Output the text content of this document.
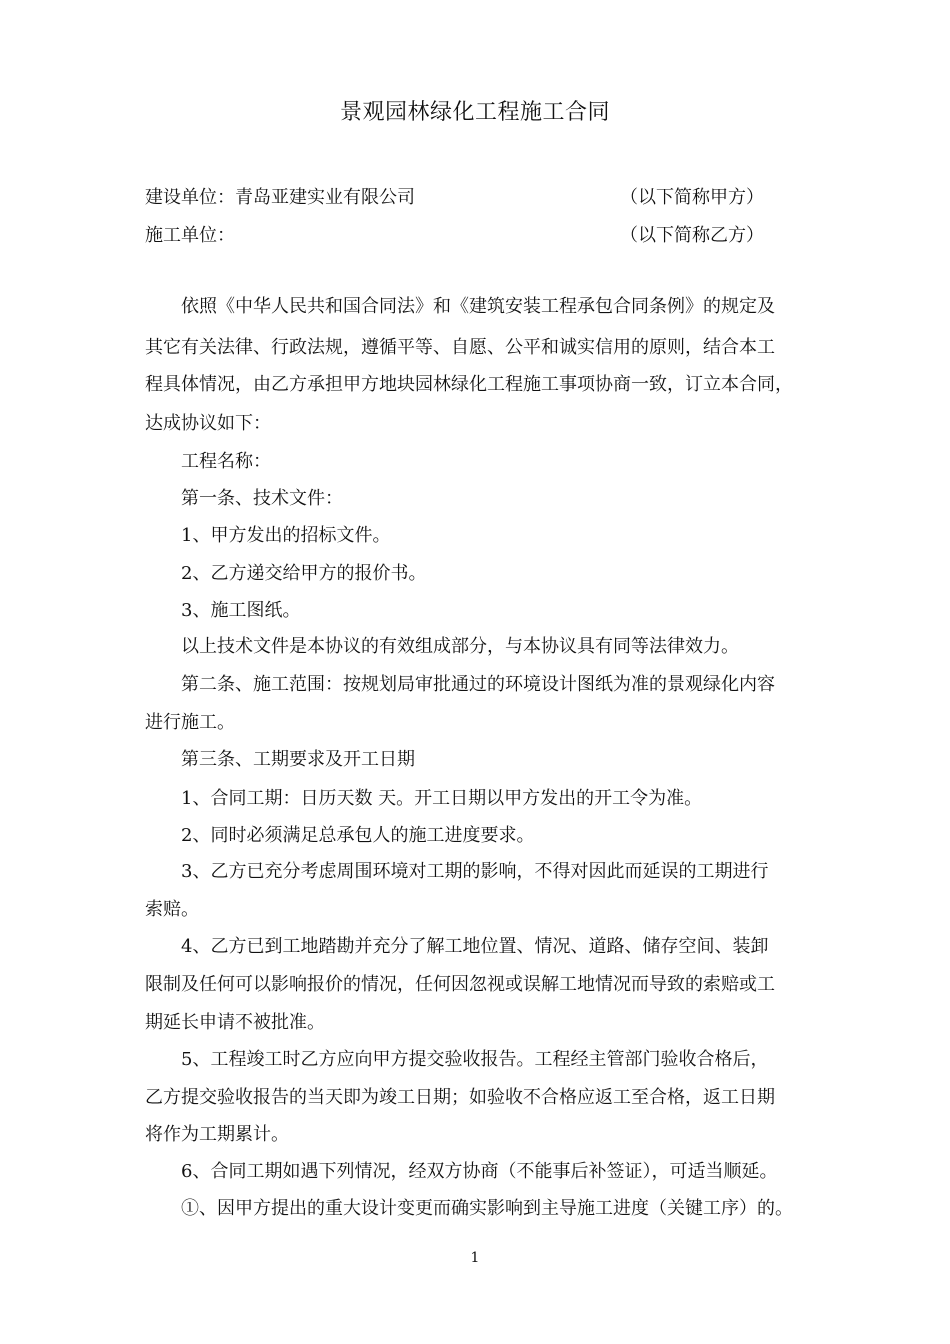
景观园林绿化工程施工合同
建设单位：青岛亚建实业有限公司	（以下简称甲方）
施工单位：	（以下简称乙方）
依照《中华人民共和国合同法》和《建筑安装工程承包合同条例》的规定及
其它有关法律、行政法规，遵循平等、自愿、公平和诚实信用的原则，结合本工
程具体情况，由乙方承担甲方地块园林绿化工程施工事项协商一致，订立本合同，
达成协议如下：
工程名称：
第一条、技术文件：
1、甲方发出的招标文件。
2、乙方递交给甲方的报价书。
3、施工图纸。
以上技术文件是本协议的有效组成部分，与本协议具有同等法律效力。
第二条、施工范围：按规划局审批通过的环境设计图纸为准的景观绿化内容
进行施工。
第三条、工期要求及开工日期
1、合同工期：日历天数 天。开工日期以甲方发出的开工令为准。
2、同时必须满足总承包人的施工进度要求。
3、乙方已充分考虑周围环境对工期的影响，不得对因此而延误的工期进行
索赔。
4、乙方已到工地踏勘并充分了解工地位置、情况、道路、储存空间、装卸
限制及任何可以影响报价的情况，任何因忽视或误解工地情况而导致的索赔或工
期延长申请不被批准。
5、工程竣工时乙方应向甲方提交验收报告。工程经主管部门验收合格后，
乙方提交验收报告的当天即为竣工日期；如验收不合格应返工至合格，返工日期
将作为工期累计。
6、合同工期如遇下列情况，经双方协商（不能事后补签证），可适当顺延。
①、因甲方提出的重大设计变更而确实影响到主导施工进度（关键工序）的。
1
